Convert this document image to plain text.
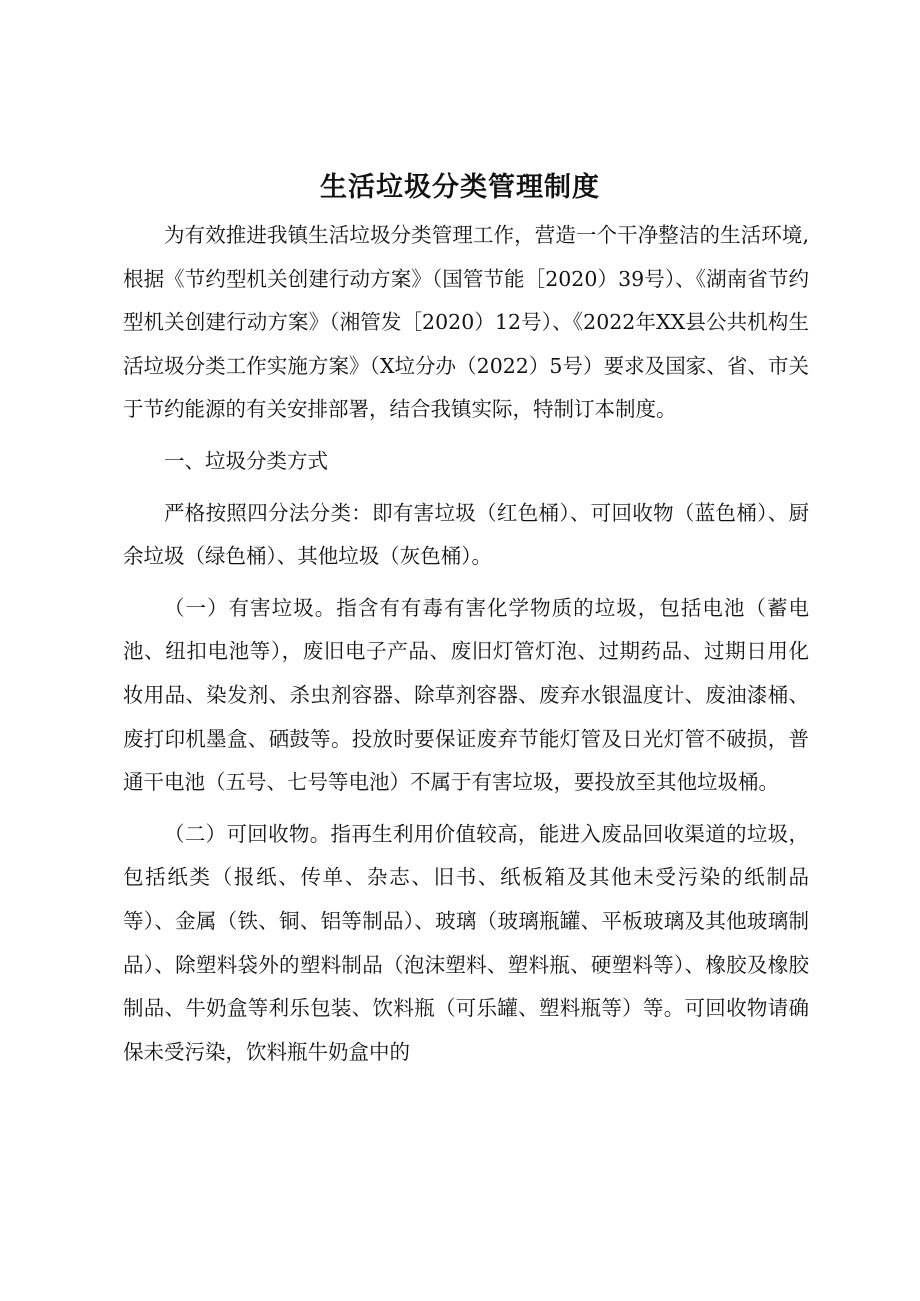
生活垃圾分类管理制度

为有效推进我镇生活垃圾分类管理工作，营造一个干净整洁的生活环境,根据《节约型机关创建行动方案》（国管节能［2020）39号）、《湖南省节约型机关创建行动方案》（湘管发［2020）12号）、《2022年XX县公共机构生活垃圾分类工作实施方案》（X垃分办（2022）5号）要求及国家、省、市关于节约能源的有关安排部署，结合我镇实际，特制订本制度。

一、垃圾分类方式

严格按照四分法分类：即有害垃圾（红色桶）、可回收物（蓝色桶）、厨余垃圾（绿色桶）、其他垃圾（灰色桶）。

（一）有害垃圾。指含有有毒有害化学物质的垃圾，包括电池（蓄电池、纽扣电池等），废旧电子产品、废旧灯管灯泡、过期药品、过期日用化妆用品、染发剂、杀虫剂容器、除草剂容器、废弃水银温度计、废油漆桶、废打印机墨盒、硒鼓等。投放时要保证废弃节能灯管及日光灯管不破损，普通干电池（五号、七号等电池）不属于有害垃圾，要投放至其他垃圾桶。

（二）可回收物。指再生利用价值较高，能进入废品回收渠道的垃圾，包括纸类（报纸、传单、杂志、旧书、纸板箱及其他未受污染的纸制品等）、金属（铁、铜、铝等制品）、玻璃（玻璃瓶罐、平板玻璃及其他玻璃制品）、除塑料袋外的塑料制品（泡沫塑料、塑料瓶、硬塑料等）、橡胶及橡胶制品、牛奶盒等利乐包装、饮料瓶（可乐罐、塑料瓶等）等。可回收物请确保未受污染，饮料瓶牛奶盒中的
